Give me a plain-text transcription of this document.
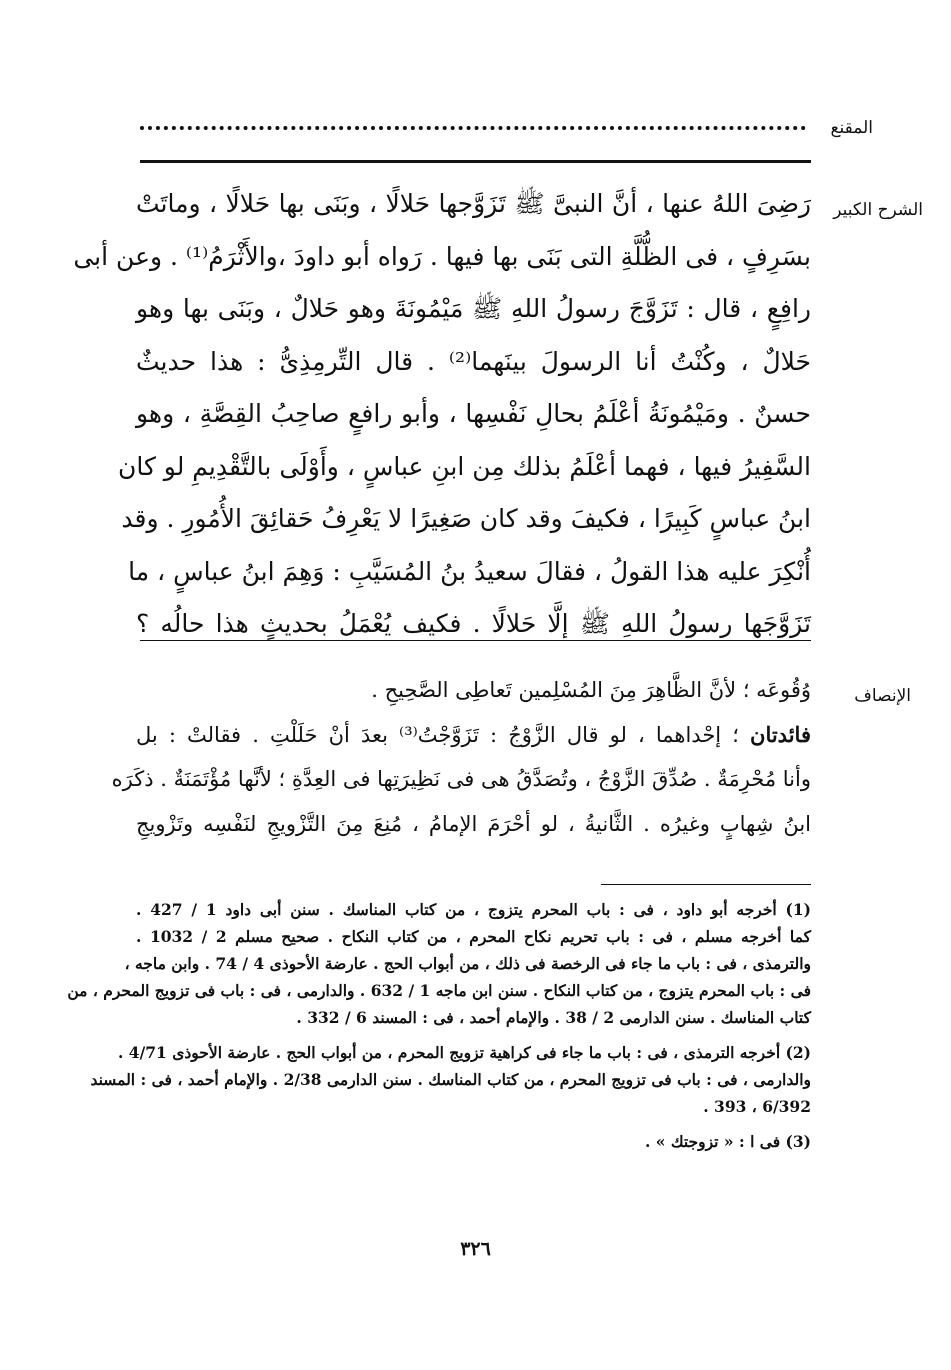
المقنع
الشرح الكبير
الإنصاف
رَضِىَ اللهُ عنها ، أنَّ النبىَّ ﷺ تَزَوَّجها حَلالًا ، وبَنَى بها حَلالًا ، وماتَتْ
بسَرِفٍ ، فى الظُّلَّةِ التى بَنَى بها فيها . رَواه أبو داودَ ،والأَثْرَمُ⁽¹⁾ . وعن أبى
رافِعٍ ، قال : تَزَوَّجَ رسولُ اللهِ ﷺ مَيْمُونَةَ وهو حَلالٌ ، وبَنَى بها وهو
حَلالٌ ، وكُنْتُ أنا الرسولَ بينَهما⁽²⁾ . قال التِّرمِذِىُّ : هذا حديثٌ
حسنٌ . ومَيْمُونَةُ أعْلَمُ بحالِ نَفْسِها ، وأبو رافعٍ صاحِبُ القِصَّةِ ، وهو
السَّفِيرُ فيها ، فهما أعْلَمُ بذلك مِن ابنِ عباسٍ ، وأَوْلَى بالتَّقْدِيمِ لو كان
ابنُ عباسٍ كَبِيرًا ، فكيفَ وقد كان صَغِيرًا لا يَعْرِفُ حَقائِقَ الأُمُورِ . وقد
أُنْكِرَ عليه هذا القولُ ، فقالَ سعيدُ بنُ المُسَيَّبِ : وَهِمَ ابنُ عباسٍ ، ما
تَزَوَّجَها رسولُ اللهِ ﷺ إلَّا حَلالًا . فكيف يُعْمَلُ بحديثٍ هذا حالُه ؟
وُقُوعَه ؛ لأنَّ الظَّاهِرَ مِنَ المُسْلِمين تَعاطِى الصَّحِيحِ .
فائدتان ؛ إحْداهما ، لو قال الزَّوْجُ : تَزَوَّجْتُ⁽³⁾ بعدَ أنْ حَلَلْتِ . فقالتْ : بل
وأنا مُحْرِمَةٌ . صُدِّقَ الزَّوْجُ ، وتُصَدَّقُ هى فى نَظِيرَتِها فى العِدَّةِ ؛ لأنَّها مُؤْتَمَنَةٌ . ذكَرَه
ابنُ شِهابٍ وغيرُه . الثَّانيةُ ، لو أحْرَمَ الإمامُ ، مُنِعَ مِنَ التَّزْويجِ لنَفْسِه وتَزْويجِ
(1) أخرجه أبو داود ، فى : باب المحرم يتزوج ، من كتاب المناسك . سنن أبى داود 1 / 427 .
كما أخرجه مسلم ، فى : باب تحريم نكاح المحرم ، من كتاب النكاح . صحيح مسلم 2 / 1032 .
والترمذى ، فى : باب ما جاء فى الرخصة فى ذلك ، من أبواب الحج . عارضة الأحوذى 4 / 74 . وابن ماجه ،
فى : باب المحرم يتزوج ، من كتاب النكاح . سنن ابن ماجه 1 / 632 . والدارمى ، فى : باب فى تزويج المحرم ، من
كتاب المناسك . سنن الدارمى 2 / 38 . والإمام أحمد ، فى : المسند 6 / 332 .
(2) أخرجه الترمذى ، فى : باب ما جاء فى كراهية تزويج المحرم ، من أبواب الحج . عارضة الأحوذى 4/71 .
والدارمى ، فى : باب فى تزويج المحرم ، من كتاب المناسك . سنن الدارمى 2/38 . والإمام أحمد ، فى : المسند
6/392 ، 393 .
(3) فى ا : « تزوجتك » .
٣٢٦
